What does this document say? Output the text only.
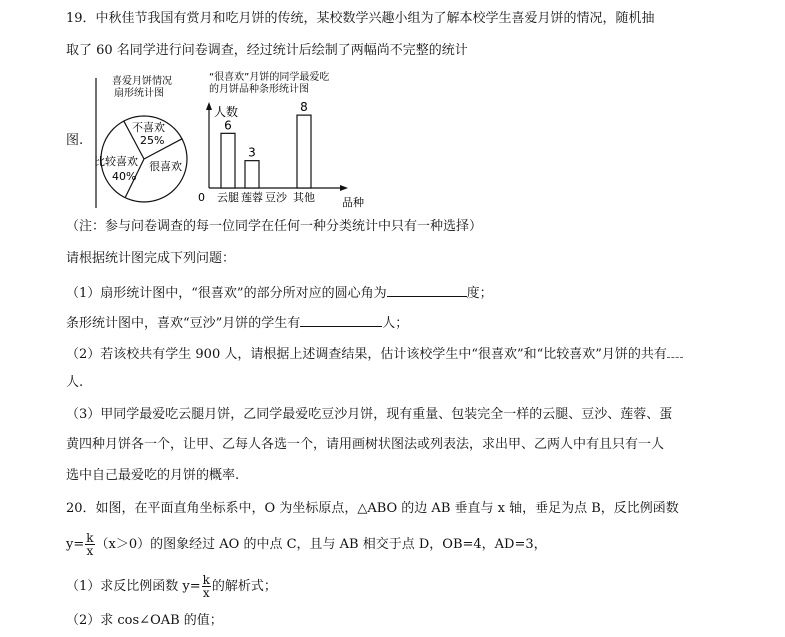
19．中秋佳节我国有赏月和吃月饼的传统，某校数学兴趣小组为了解本校学生喜爱月饼的情况，随机抽
取了 60 名同学进行问卷调查，经过统计后绘制了两幅尚不完整的统计
喜爱月饼情况
扇形统计图
不喜欢
25%
比较喜欢
40%
很喜欢
“很喜欢”月饼的同学最爱吃
的月饼品种条形统计图
人数
品种
0
6
云腿
3
莲蓉 豆沙
8
其他
图.
（注：参与问卷调查的每一位同学在任何一种分类统计中只有一种选择）
请根据统计图完成下列问题：
（1）扇形统计图中，“很喜欢”的部分所对应的圆心角为	度；
条形统计图中，喜欢“豆沙”月饼的学生有	人；
（2）若该校共有学生 900 人，请根据上述调查结果，估计该校学生中“很喜欢”和“比较喜欢”月饼的共有
人.
（3）甲同学最爱吃云腿月饼，乙同学最爱吃豆沙月饼，现有重量、包装完全一样的云腿、豆沙、莲蓉、蛋
黄四种月饼各一个，让甲、乙每人各选一个，请用画树状图法或列表法，求出甲、乙两人中有且只有一人
选中自己最爱吃的月饼的概率.
20．如图，在平面直角坐标系中，O 为坐标原点，△ABO 的边 AB 垂直与 x 轴，垂足为点 B，反比例函数
$y= \frac{k}{x} (x>0)$的图象经过 AO 的中点 C，且与 AB 相交于点 D，OB=4，AD=3，
（1）求反比例函数 $y= \frac{k}{x}$ 的解析式；
（2）求 cos∠OAB 的值；
